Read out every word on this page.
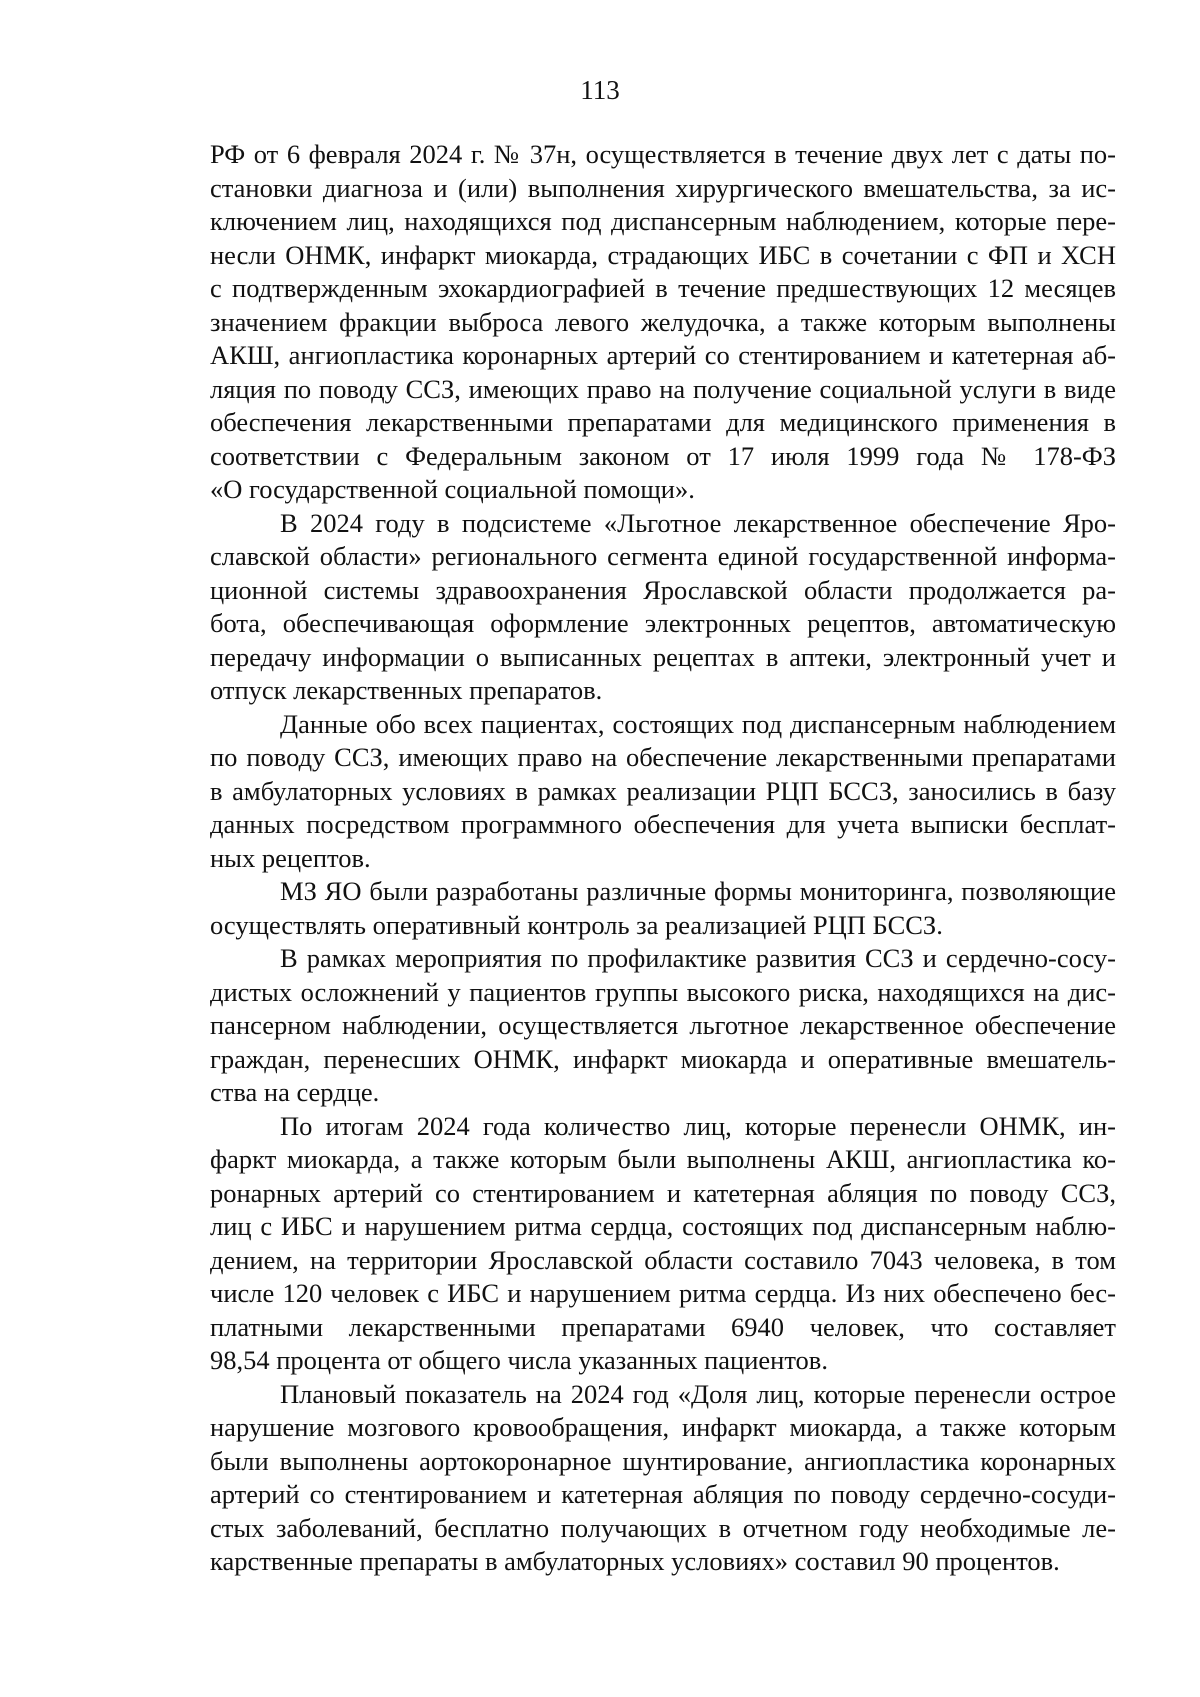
113
РФ от 6 февраля 2024 г. № 37н, осуществляется в течение двух лет с даты по-
становки диагноза и (или) выполнения хирургического вмешательства, за ис-
ключением лиц, находящихся под диспансерным наблюдением, которые пере-
несли ОНМК, инфаркт миокарда, страдающих ИБС в сочетании с ФП и ХСН
с подтвержденным эхокардиографией в течение предшествующих 12 месяцев
значением фракции выброса левого желудочка, а также которым выполнены
АКШ, ангиопластика коронарных артерий со стентированием и катетерная аб-
ляция по поводу ССЗ, имеющих право на получение социальной услуги в виде
обеспечения лекарственными препаратами для медицинского применения в
соответствии с Федеральным законом от 17 июля 1999 года № 178-ФЗ
«О государственной социальной помощи».
В 2024 году в подсистеме «Льготное лекарственное обеспечение Яро-
славской области» регионального сегмента единой государственной информа-
ционной системы здравоохранения Ярославской области продолжается ра-
бота, обеспечивающая оформление электронных рецептов, автоматическую
передачу информации о выписанных рецептах в аптеки, электронный учет и
отпуск лекарственных препаратов.
Данные обо всех пациентах, состоящих под диспансерным наблюдением
по поводу ССЗ, имеющих право на обеспечение лекарственными препаратами
в амбулаторных условиях в рамках реализации РЦП БССЗ, заносились в базу
данных посредством программного обеспечения для учета выписки бесплат-
ных рецептов.
МЗ ЯО были разработаны различные формы мониторинга, позволяющие
осуществлять оперативный контроль за реализацией РЦП БССЗ.
В рамках мероприятия по профилактике развития ССЗ и сердечно-сосу-
дистых осложнений у пациентов группы высокого риска, находящихся на дис-
пансерном наблюдении, осуществляется льготное лекарственное обеспечение
граждан, перенесших ОНМК, инфаркт миокарда и оперативные вмешатель-
ства на сердце.
По итогам 2024 года количество лиц, которые перенесли ОНМК, ин-
фаркт миокарда, а также которым были выполнены АКШ, ангиопластика ко-
ронарных артерий со стентированием и катетерная абляция по поводу ССЗ,
лиц с ИБС и нарушением ритма сердца, состоящих под диспансерным наблю-
дением, на территории Ярославской области составило 7043 человека, в том
числе 120 человек с ИБС и нарушением ритма сердца. Из них обеспечено бес-
платными лекарственными препаратами 6940 человек, что составляет
98,54 процента от общего числа указанных пациентов.
Плановый показатель на 2024 год «Доля лиц, которые перенесли острое
нарушение мозгового кровообращения, инфаркт миокарда, а также которым
были выполнены аортокоронарное шунтирование, ангиопластика коронарных
артерий со стентированием и катетерная абляция по поводу сердечно-сосуди-
стых заболеваний, бесплатно получающих в отчетном году необходимые ле-
карственные препараты в амбулаторных условиях» составил 90 процентов.
